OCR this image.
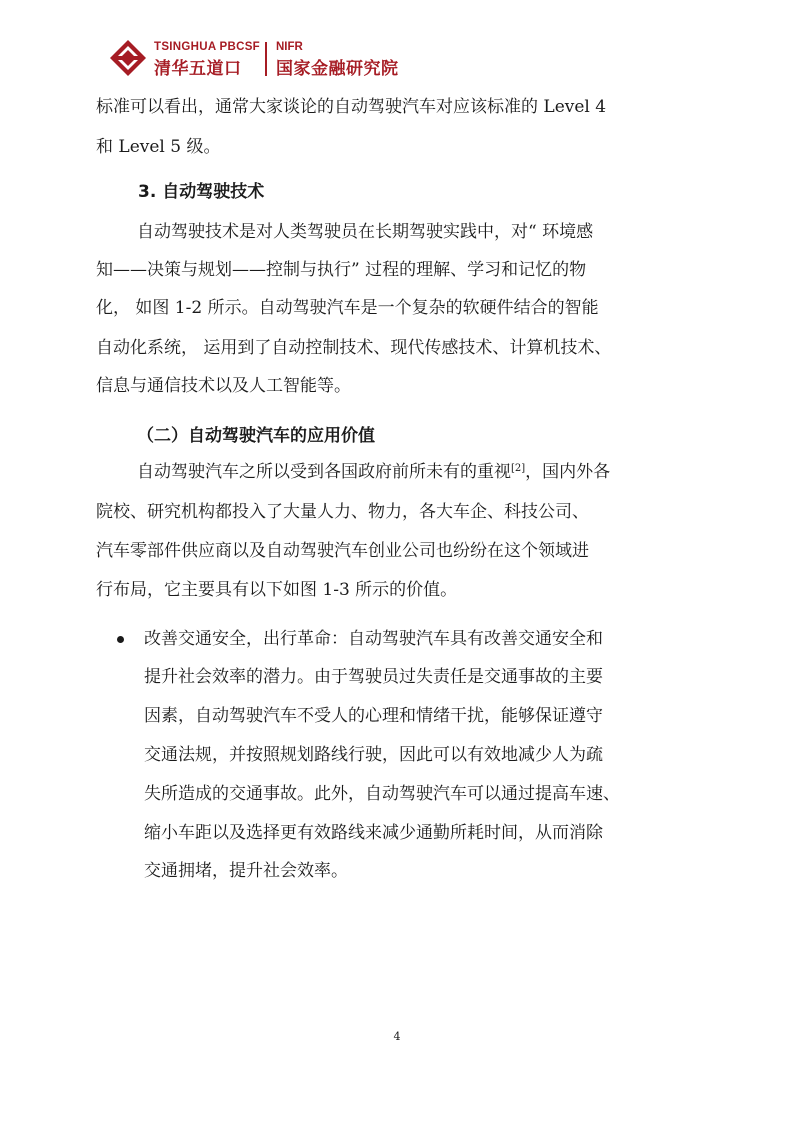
TSINGHUA PBCSF
清华五道口
NIFR
国家金融研究院
标准可以看出，通常大家谈论的自动驾驶汽车对应该标准的 Level 4
和 Level 5 级。
3. 自动驾驶技术
自动驾驶技术是对人类驾驶员在长期驾驶实践中，对“ 环境感
知——决策与规划——控制与执行” 过程的理解、学习和记忆的物
化， 如图 1-2 所示。自动驾驶汽车是一个复杂的软硬件结合的智能
自动化系统， 运用到了自动控制技术、现代传感技术、计算机技术、
信息与通信技术以及人工智能等。
（二）自动驾驶汽车的应用价值
自动驾驶汽车之所以受到各国政府前所未有的重视[2]，国内外各
院校、研究机构都投入了大量人力、物力，各大车企、科技公司、
汽车零部件供应商以及自动驾驶汽车创业公司也纷纷在这个领域进
行布局，它主要具有以下如图 1-3 所示的价值。
改善交通安全，出行革命：自动驾驶汽车具有改善交通安全和
提升社会效率的潜力。由于驾驶员过失责任是交通事故的主要
因素，自动驾驶汽车不受人的心理和情绪干扰，能够保证遵守
交通法规，并按照规划路线行驶，因此可以有效地减少人为疏
失所造成的交通事故。此外，自动驾驶汽车可以通过提高车速、
缩小车距以及选择更有效路线来减少通勤所耗时间，从而消除
交通拥堵，提升社会效率。
4
